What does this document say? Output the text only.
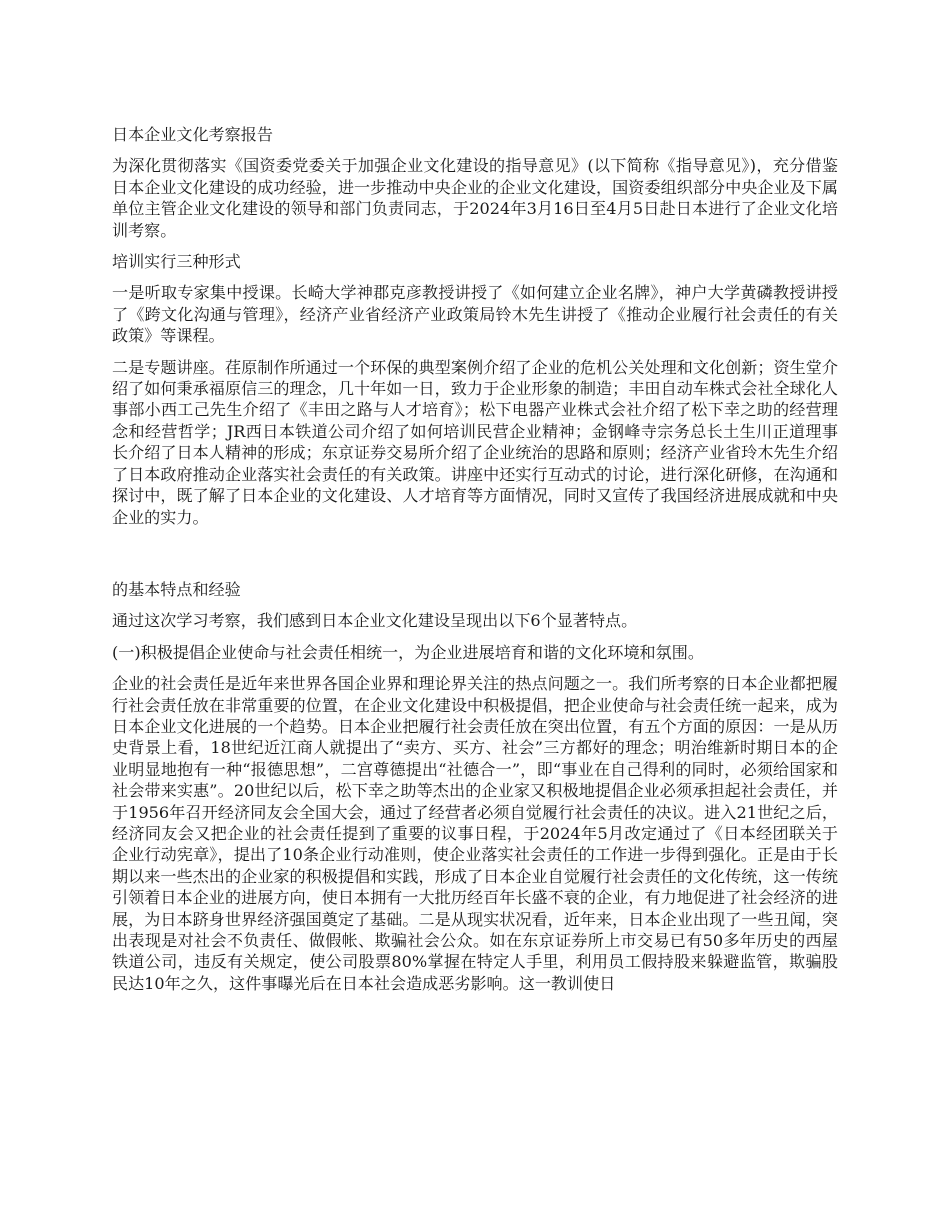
日本企业文化考察报告

为深化贯彻落实《国资委党委关于加强企业文化建设的指导意见》(以下简称《指导意见》)，充分借鉴日本企业文化建设的成功经验，进一步推动中央企业的企业文化建设，国资委组织部分中央企业及下属单位主管企业文化建设的领导和部门负责同志，于2024年3月16日至4月5日赴日本进行了企业文化培训考察。

培训实行三种形式

一是听取专家集中授课。长崎大学神郡克彦教授讲授了《如何建立企业名牌》，神户大学黄磷教授讲授了《跨文化沟通与管理》，经济产业省经济产业政策局铃木先生讲授了《推动企业履行社会责任的有关政策》等课程。

二是专题讲座。荏原制作所通过一个环保的典型案例介绍了企业的危机公关处理和文化创新；资生堂介绍了如何秉承福原信三的理念，几十年如一日，致力于企业形象的制造；丰田自动车株式会社全球化人事部小西工己先生介绍了《丰田之路与人才培育》；松下电器产业株式会社介绍了松下幸之助的经营理念和经营哲学；JR西日本铁道公司介绍了如何培训民营企业精神；金钢峰寺宗务总长土生川正道理事长介绍了日本人精神的形成；东京证券交易所介绍了企业统治的思路和原则；经济产业省玲木先生介绍了日本政府推动企业落实社会责任的有关政策。讲座中还实行互动式的讨论，进行深化研修，在沟通和探讨中，既了解了日本企业的文化建设、人才培育等方面情况，同时又宣传了我国经济进展成就和中央企业的实力。

的基本特点和经验

通过这次学习考察，我们感到日本企业文化建设呈现出以下6个显著特点。

(一)积极提倡企业使命与社会责任相统一，为企业进展培育和谐的文化环境和氛围。

企业的社会责任是近年来世界各国企业界和理论界关注的热点问题之一。我们所考察的日本企业都把履行社会责任放在非常重要的位置，在企业文化建设中积极提倡，把企业使命与社会责任统一起来，成为日本企业文化进展的一个趋势。日本企业把履行社会责任放在突出位置，有五个方面的原因：一是从历史背景上看，18世纪近江商人就提出了“卖方、买方、社会”三方都好的理念；明治维新时期日本的企业明显地抱有一种“报德思想”，二宫尊德提出“社德合一”，即“事业在自己得利的同时，必须给国家和社会带来实惠”。20世纪以后，松下幸之助等杰出的企业家又积极地提倡企业必须承担起社会责任，并于1956年召开经济同友会全国大会，通过了经营者必须自觉履行社会责任的决议。进入21世纪之后，经济同友会又把企业的社会责任提到了重要的议事日程，于2024年5月改定通过了《日本经团联关于企业行动宪章》，提出了10条企业行动准则，使企业落实社会责任的工作进一步得到强化。正是由于长期以来一些杰出的企业家的积极提倡和实践，形成了日本企业自觉履行社会责任的文化传统，这一传统引领着日本企业的进展方向，使日本拥有一大批历经百年长盛不衰的企业，有力地促进了社会经济的进展，为日本跻身世界经济强国奠定了基础。二是从现实状况看，近年来，日本企业出现了一些丑闻，突出表现是对社会不负责任、做假帐、欺骗社会公众。如在东京证券所上市交易已有50多年历史的西屋铁道公司，违反有关规定，使公司股票80%掌握在特定人手里，利用员工假持股来躲避监管，欺骗股民达10年之久，这件事曝光后在日本社会造成恶劣影响。这一教训使日
